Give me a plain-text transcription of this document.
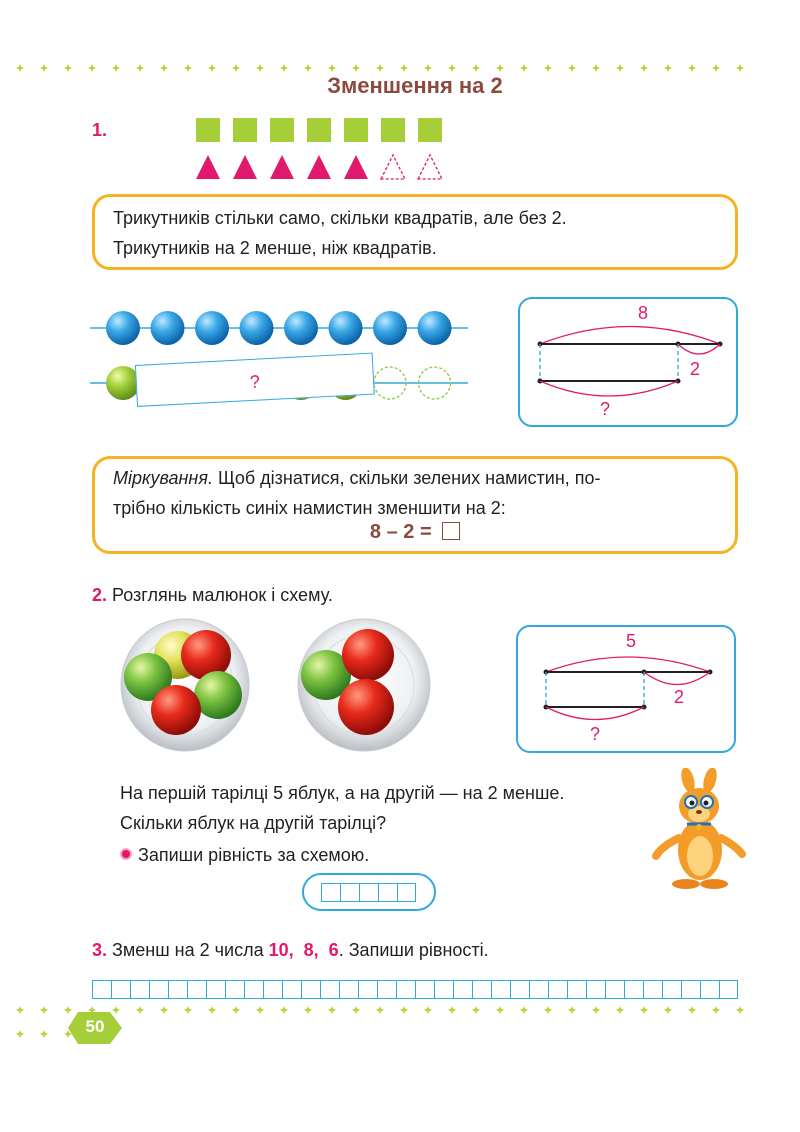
Зменшення на 2
1.
Трикутників стільки само, скільки квадратів, але без 2.
Трикутників на 2 менше, ніж квадратів.
?
8
2
?
Міркування. Щоб дізнатися, скільки зелених намистин, по-
трібно кількість синіх намистин зменшити на 2:
8 – 2 =
2. Розглянь малюнок і схему.
5
2
?
На першій тарілці 5 яблук, а на другій — на 2 менше.
Скільки яблук на другій тарілці?
Запиши рівність за схемою.
3. Зменш на 2 числа 10, 8, 6. Запиши рівності.
50
